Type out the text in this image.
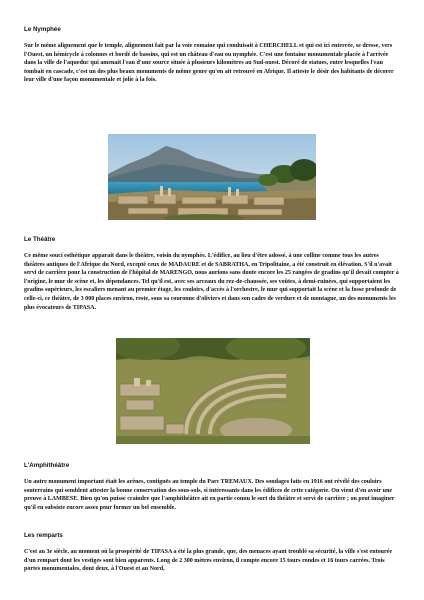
Le Nymphée

Sur le même alignement que le temple, alignement fait par la voie romaine qui conduisait à CHERCHELL et qui est ici enterrée, se dresse, vers l'Ouest, un hémicycle à colonnes et bordé de bassins, qui est un château d'eau ou nymphée. C'est une fontaine monumentale placée à l'arrivée dans la ville de l'aqueduc qui amenait l'eau d'une source située à plusieurs kilomètres au Sud-ouest. Décoré de statues, entre lesquelles l'eau tombait en cascade, c'est un des plus beaux monuments de même genre qu'on ait retrouvé en Afrique. Il atteste le désir des habitants de décorer leur ville d'une façon monumentale et jolie à la fois.

Le Théâtre

Ce même souci esthétique apparait dans le théâtre, voisin du nymphée. L'édifice, au lieu d'être adossé, à une colline comme tous les autres théâtres antiques de l'Afrique du Nord, excepté ceux de MADAURE et de SABRATHA, en Tripolitaine, a été construit en élévation. S'il n'avait servi de carrière pour la construction de l'hôpital de MARENGO, nous aurions sans doute encore les 25 rangées de gradins qu'il devait compter à l'origine, le mur de scène et, les dépendances. Tel qu'il est, avec ses arceaux du rez-de-chaussée, ses voûtes, à demi-ruinées, qui supportaient les gradins supérieurs, les escaliers menant au premier étage, les couloirs, d'accès à l'orchestre, le mur qui supportait la scène et la fosse profonde de celle-ci, ce théâtre, de 3 000 places environ, reste, sous sa couronne d'oliviers et dans son cadre de verdure et de montagne, un des monuments les plus évocateurs de TIPASA.

L'Amphithéâtre

Un autre monument important était les arènes, contiguës au temple du Parc TREMAUX. Des sondages faits en 1916 ont révélé des couloirs souterrains qui semblent attester la bonne conservation des sous-sols, si intéressants dans les édifices de cette catégorie. On vient d'en avoir une preuve à LAMBESE. Bien qu'on puisse craindre que l'amphithéâtre ait en partie connu le sort du théâtre et servi de carrière ; on peut imaginer qu'il en subsiste encore assez pour former un bel ensemble.

Les remparts

C'est au 3e siècle, au moment où la prospérité de TIPASA a été la plus grande, que, des menaces ayant troublé sa sécurité, la ville s'est entourée d'un rempart dont les vestiges sont bien apparents. Long de 2 300 mètres environ, il compte encore 15 tours rondes et 16 tours carrées. Trois portes monumentales, dont deux, à l'Ouest et au Nord,
